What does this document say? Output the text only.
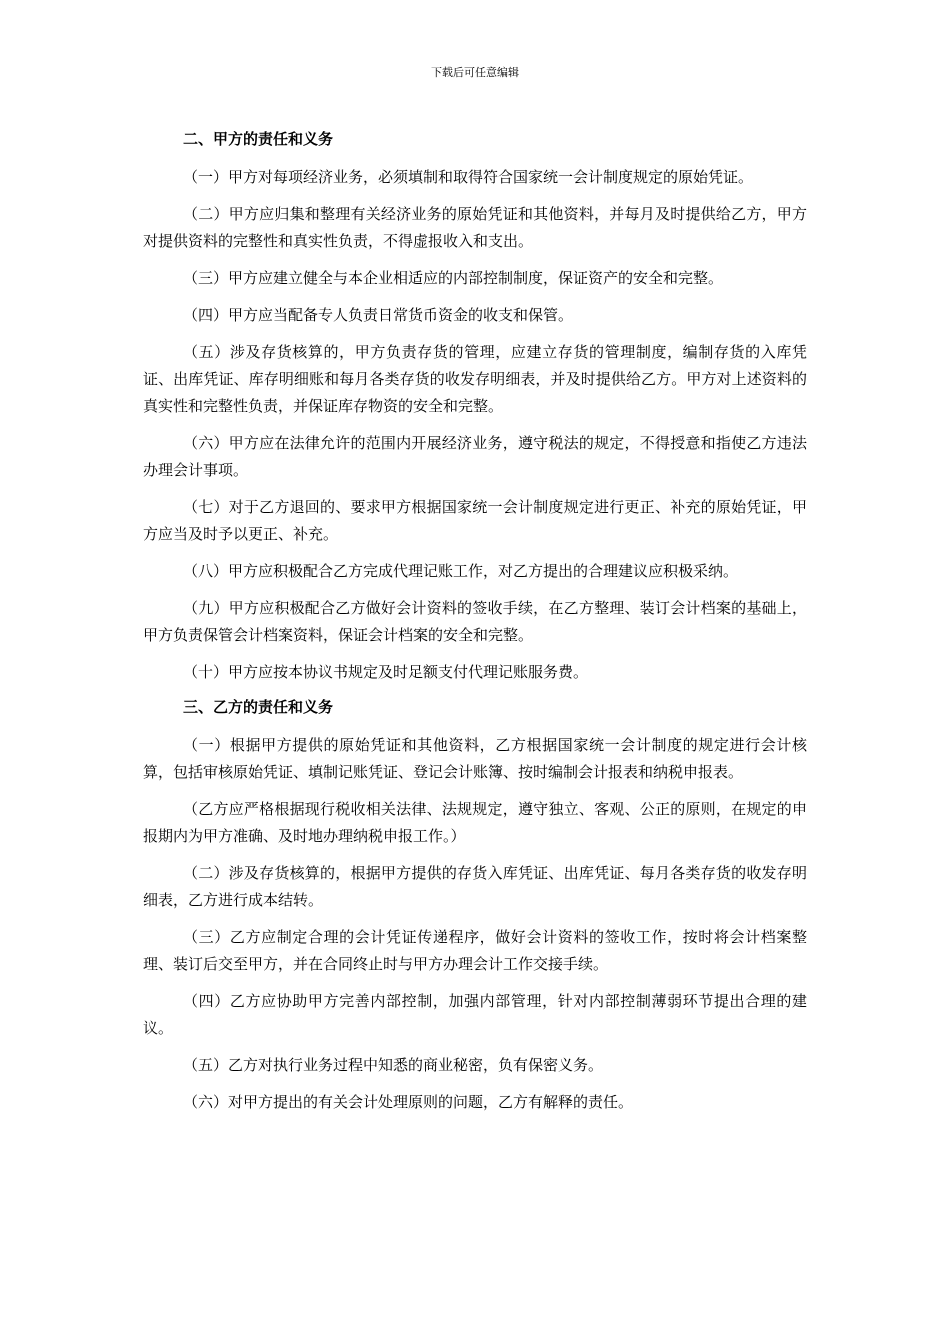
下载后可任意编辑
二、甲方的责任和义务

（一）甲方对每项经济业务，必须填制和取得符合国家统一会计制度规定的原始凭证。

（二）甲方应归集和整理有关经济业务的原始凭证和其他资料，并每月及时提供给乙方，甲方对提供资料的完整性和真实性负责，不得虚报收入和支出。

（三）甲方应建立健全与本企业相适应的内部控制制度，保证资产的安全和完整。

（四）甲方应当配备专人负责日常货币资金的收支和保管。

（五）涉及存货核算的，甲方负责存货的管理，应建立存货的管理制度，编制存货的入库凭证、出库凭证、库存明细账和每月各类存货的收发存明细表，并及时提供给乙方。甲方对上述资料的真实性和完整性负责，并保证库存物资的安全和完整。

（六）甲方应在法律允许的范围内开展经济业务，遵守税法的规定，不得授意和指使乙方违法办理会计事项。

（七）对于乙方退回的、要求甲方根据国家统一会计制度规定进行更正、补充的原始凭证，甲方应当及时予以更正、补充。

（八）甲方应积极配合乙方完成代理记账工作，对乙方提出的合理建议应积极采纳。

（九）甲方应积极配合乙方做好会计资料的签收手续，在乙方整理、装订会计档案的基础上，甲方负责保管会计档案资料，保证会计档案的安全和完整。

（十）甲方应按本协议书规定及时足额支付代理记账服务费。

三、乙方的责任和义务

（一）根据甲方提供的原始凭证和其他资料，乙方根据国家统一会计制度的规定进行会计核算，包括审核原始凭证、填制记账凭证、登记会计账簿、按时编制会计报表和纳税申报表。

（乙方应严格根据现行税收相关法律、法规规定，遵守独立、客观、公正的原则，在规定的申报期内为甲方准确、及时地办理纳税申报工作。）

（二）涉及存货核算的，根据甲方提供的存货入库凭证、出库凭证、每月各类存货的收发存明细表，乙方进行成本结转。

（三）乙方应制定合理的会计凭证传递程序，做好会计资料的签收工作，按时将会计档案整理、装订后交至甲方，并在合同终止时与甲方办理会计工作交接手续。

（四）乙方应协助甲方完善内部控制，加强内部管理，针对内部控制薄弱环节提出合理的建议。

（五）乙方对执行业务过程中知悉的商业秘密，负有保密义务。

（六）对甲方提出的有关会计处理原则的问题，乙方有解释的责任。
